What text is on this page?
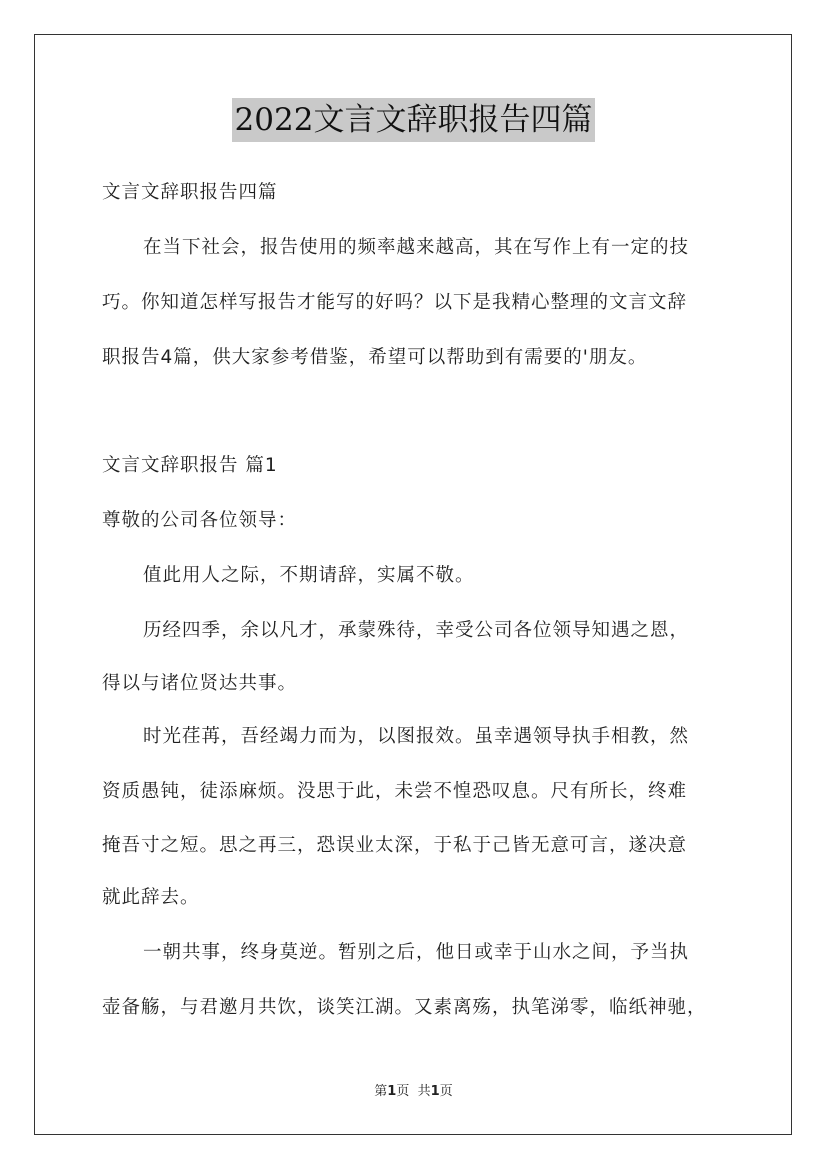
2022文言文辞职报告四篇
文言文辞职报告四篇
在当下社会，报告使用的频率越来越高，其在写作上有一定的技
巧。你知道怎样写报告才能写的好吗？以下是我精心整理的文言文辞
职报告4篇，供大家参考借鉴，希望可以帮助到有需要的'朋友。
文言文辞职报告 篇1
尊敬的公司各位领导：
值此用人之际，不期请辞，实属不敬。
历经四季，余以凡才，承蒙殊待，幸受公司各位领导知遇之恩，
得以与诸位贤达共事。
时光荏苒，吾经竭力而为，以图报效。虽幸遇领导执手相教，然
资质愚钝，徒添麻烦。没思于此，未尝不惶恐叹息。尺有所长，终难
掩吾寸之短。思之再三，恐误业太深，于私于己皆无意可言，遂决意
就此辞去。
一朝共事，终身莫逆。暂别之后，他日或幸于山水之间，予当执
壶备觞，与君邀月共饮，谈笑江湖。又素离殇，执笔涕零，临纸神驰，
第1页 共1页
